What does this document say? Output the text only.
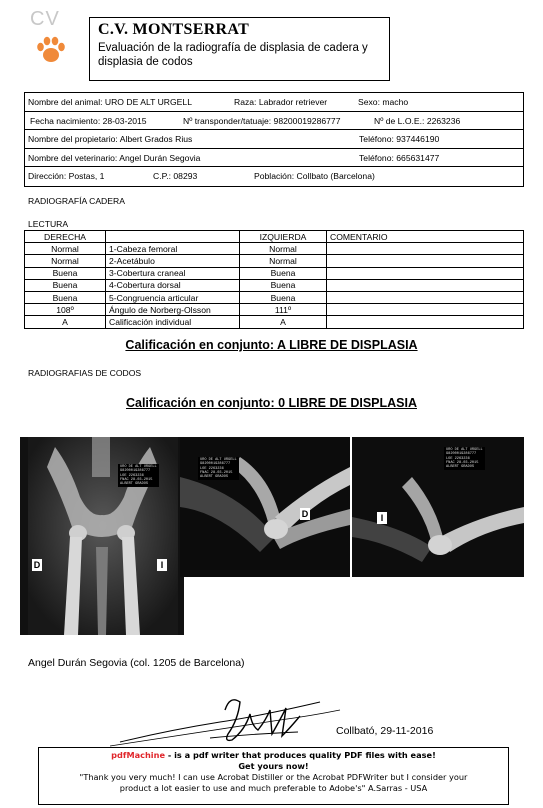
CV C.V. MONTSERRAT
Evaluación de la radiografía de displasia de cadera y
displasia de codos
Nombre del animal: URO DE ALT URGELL	Raza: Labrador retriever	Sexo: macho
Fecha nacimiento: 28-03-2015	Nº transponder/tatuaje: 98200019286777	Nº de L.O.E.: 2263236
Nombre del propietario: Albert Grados Rius	Teléfono: 937446190
Nombre del veterinario: Angel Durán Segovia	Teléfono: 665631477
Dirección: Postas, 1	C.P.: 08293	Población: Collbato (Barcelona)
RADIOGRAFÍA CADERA
LECTURA
DERECHA		IZQUIERDA	COMENTARIO
Normal	1-Cabeza femoral	Normal	
Normal	2-Acetábulo	Normal	
Buena	3-Cobertura craneal	Buena	
Buena	4-Cobertura dorsal	Buena	
Buena	5-Congruencia articular	Buena	
108º	Ángulo de Norberg-Olsson	111º	
A	Calificación individual	A	
Calificación en conjunto: A LIBRE DE DISPLASIA
RADIOGRAFIAS DE CODOS
Calificación en conjunto: 0 LIBRE DE DISPLASIA
URO DE ALT URGELL
98200019286777
LOE 2263236
FNAC 28-03-2015
ALBERT GRADOS
D	I
URO DE ALT URGELL
98200019286777
LOE 2263236
FNAC 28-03-2015
ALBERT GRADOS
D
URO DE ALT URGELL
98200019286777
LOE 2263236
FNAC 28-03-2015
ALBERT GRADOS
I
Angel Durán Segovia (col. 1205 de Barcelona)
Collbató, 29-11-2016
pdfMachine - is a pdf writer that produces quality PDF files with ease!
Get yours now!
"Thank you very much! I can use Acrobat Distiller or the Acrobat PDFWriter but I consider your
product a lot easier to use and much preferable to Adobe's" A.Sarras - USA
